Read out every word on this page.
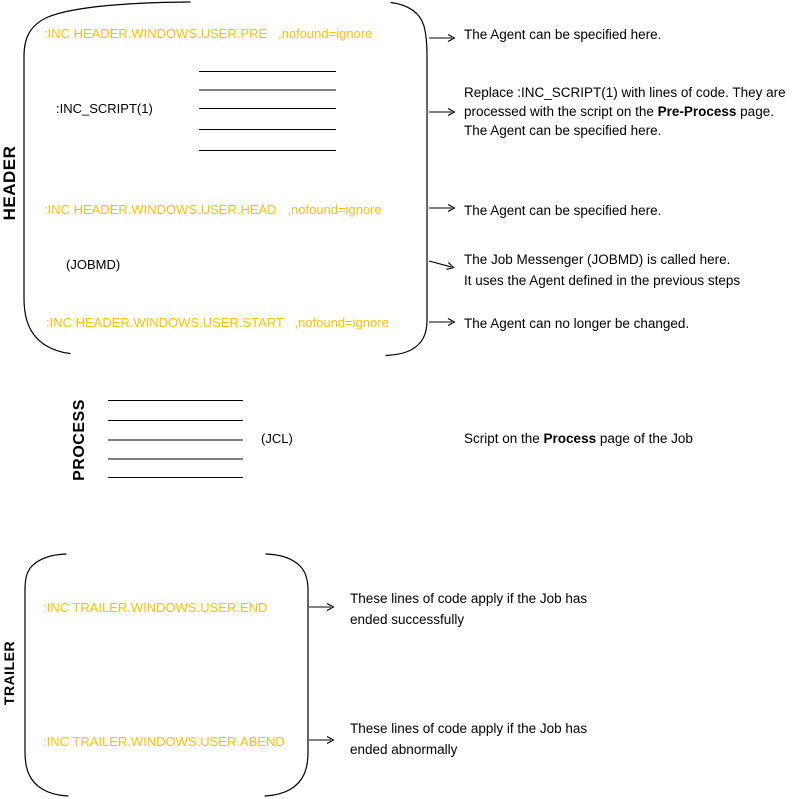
HEADER
PROCESS
TRAILER
:INC HEADER.WINDOWS.USER.PRE   ,nofound=ignore
:INC_SCRIPT(1)
:INC HEADER.WINDOWS.USER.HEAD   ,nofound=ignore
(JOBMD)
:INC HEADER.WINDOWS.USER.START   ,nofound=ignore
(JCL)
:INC TRAILER.WINDOWS.USER.END
:INC TRAILER.WINDOWS.USER.ABEND
The Agent can be specified here.
Replace :INC_SCRIPT(1) with lines of code. They are
processed with the script on the Pre-Process page.
The Agent can be specified here.
The Agent can be specified here.
The Job Messenger (JOBMD) is called here.
It uses the Agent defined in the previous steps
The Agent can no longer be changed.
Script on the Process page of the Job
These lines of code apply if the Job has
ended successfully
These lines of code apply if the Job has
ended abnormally
